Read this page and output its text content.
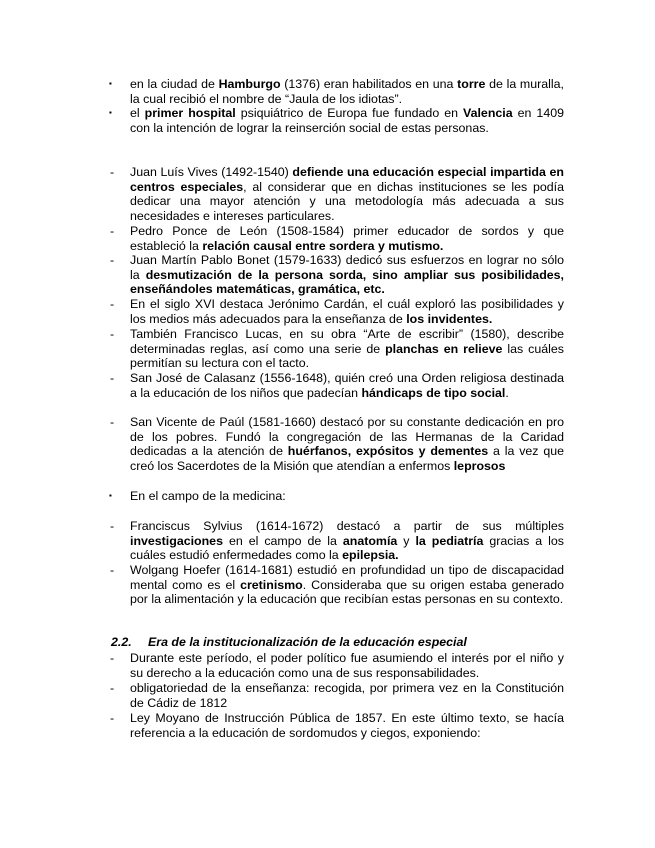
▪ en la ciudad de Hamburgo (1376) eran habilitados en una torre de la muralla, la cual recibió el nombre de “Jaula de los idiotas”.
▪ el primer hospital psiquiátrico de Europa fue fundado en Valencia en 1409 con la intención de lograr la reinserción social de estas personas.
- Juan Luís Vives (1492-1540) defiende una educación especial impartida en centros especiales, al considerar que en dichas instituciones se les podía dedicar una mayor atención y una metodología más adecuada a sus necesidades e intereses particulares.
- Pedro Ponce de León (1508-1584) primer educador de sordos y que estableció la relación causal entre sordera y mutismo.
- Juan Martín Pablo Bonet (1579-1633) dedicó sus esfuerzos en lograr no sólo la desmutización de la persona sorda, sino ampliar sus posibilidades, enseñándoles matemáticas, gramática, etc.
- En el siglo XVI destaca Jerónimo Cardán, el cuál exploró las posibilidades y los medios más adecuados para la enseñanza de los invidentes.
- También Francisco Lucas, en su obra “Arte de escribir” (1580), describe determinadas reglas, así como una serie de planchas en relieve las cuáles permitían su lectura con el tacto.
- San José de Calasanz (1556-1648), quién creó una Orden religiosa destinada a la educación de los niños que padecían hándicaps de tipo social.
- San Vicente de Paúl (1581-1660) destacó por su constante dedicación en pro de los pobres. Fundó la congregación de las Hermanas de la Caridad dedicadas a la atención de huérfanos, expósitos y dementes a la vez que creó los Sacerdotes de la Misión que atendían a enfermos leprosos
▪ En el campo de la medicina:
- Franciscus Sylvius (1614-1672) destacó a partir de sus múltiples investigaciones en el campo de la anatomía y la pediatría gracias a los cuáles estudió enfermedades como la epilepsia.
- Wolgang Hoefer (1614-1681) estudió en profundidad un tipo de discapacidad mental como es el cretinismo. Consideraba que su origen estaba generado por la alimentación y la educación que recibían estas personas en su contexto.
2.2. Era de la institucionalización de la educación especial
- Durante este período, el poder político fue asumiendo el interés por el niño y su derecho a la educación como una de sus responsabilidades.
- obligatoriedad de la enseñanza: recogida, por primera vez en la Constitución de Cádiz de 1812
- Ley Moyano de Instrucción Pública de 1857. En este último texto, se hacía referencia a la educación de sordomudos y ciegos, exponiendo:
